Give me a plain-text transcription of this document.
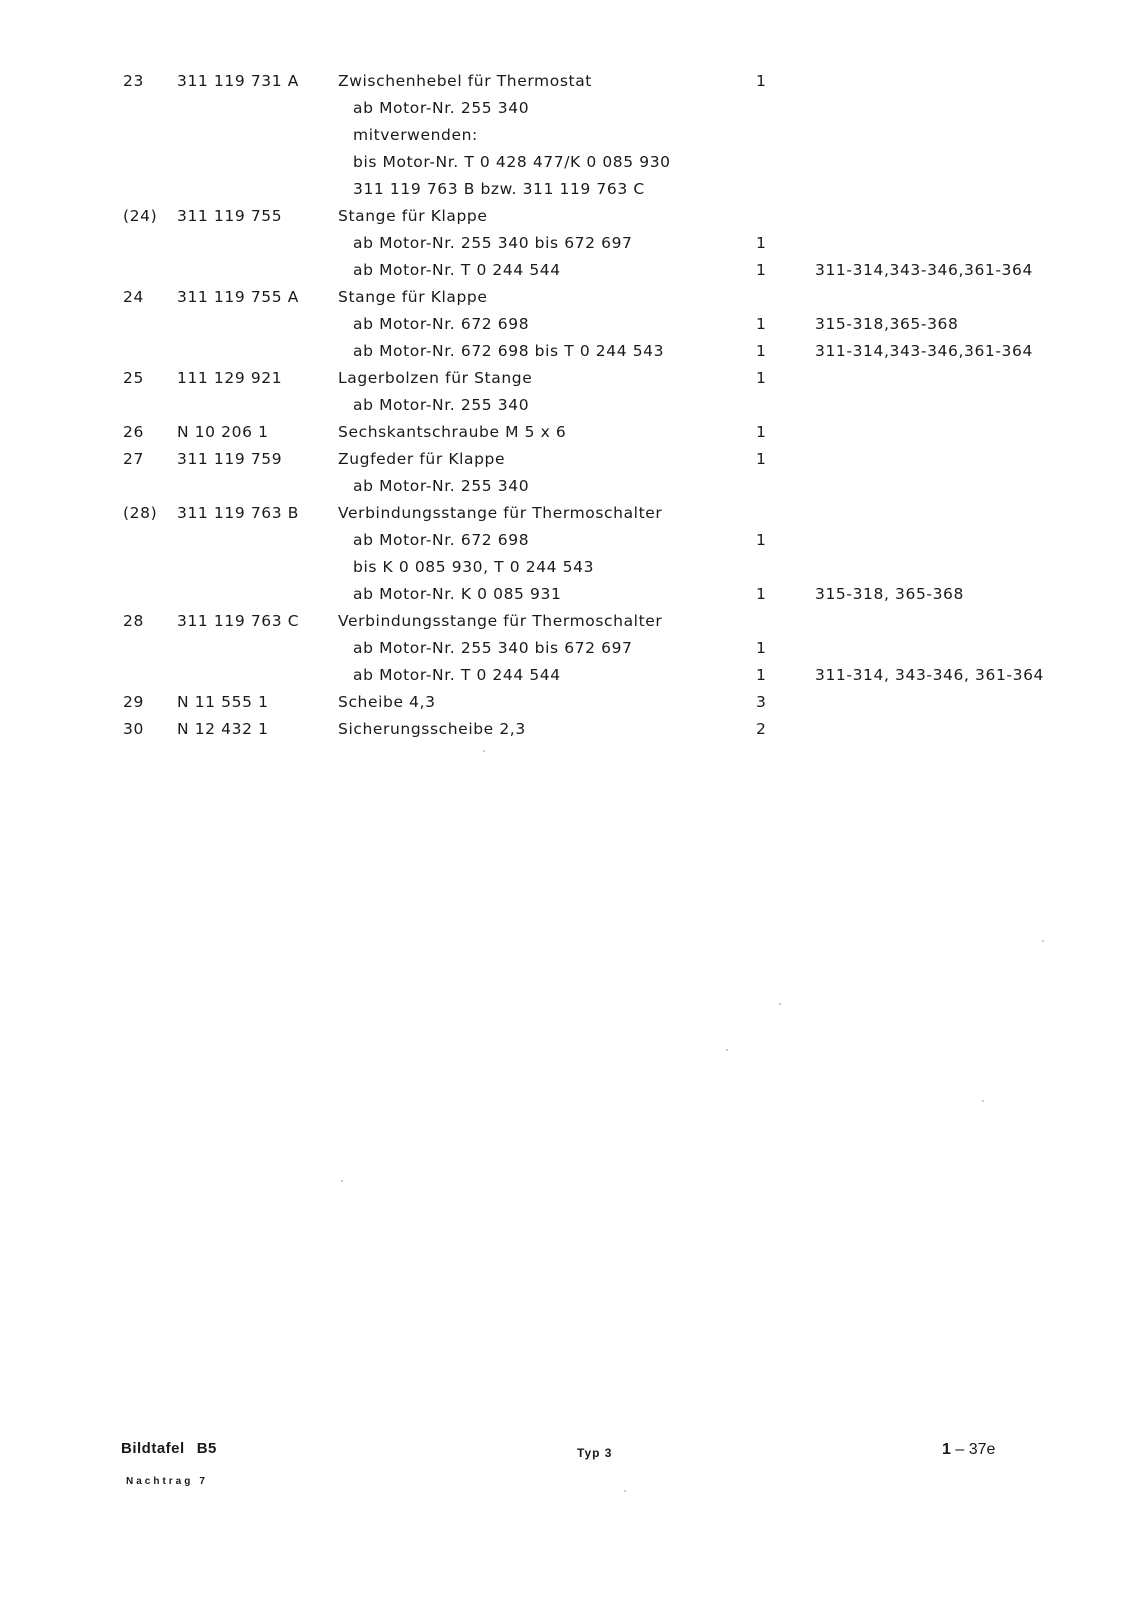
23 311 119 731 A	Zwischenhebel für Thermostat	1
ab Motor-Nr. 255 340
mitverwenden:
bis Motor-Nr. T 0 428 477/K 0 085 930
311 119 763 B bzw. 311 119 763 C
(24) 311 119 755	Stange für Klappe
ab Motor-Nr. 255 340 bis 672 697	1
ab Motor-Nr. T 0 244 544	1	311-314,343-346,361-364
24 311 119 755 A	Stange für Klappe
ab Motor-Nr. 672 698	1	315-318,365-368
ab Motor-Nr. 672 698 bis T 0 244 543	1	311-314,343-346,361-364
25 111 129 921	Lagerbolzen für Stange	1
ab Motor-Nr. 255 340
26 N 10 206 1	Sechskantschraube M 5 x 6	1
27 311 119 759	Zugfeder für Klappe	1
ab Motor-Nr. 255 340
(28) 311 119 763 B	Verbindungsstange für Thermoschalter
ab Motor-Nr. 672 698	1
bis K 0 085 930, T 0 244 543
ab Motor-Nr. K 0 085 931	1	315-318, 365-368
28 311 119 763 C	Verbindungsstange für Thermoschalter
ab Motor-Nr. 255 340 bis 672 697	1
ab Motor-Nr. T 0 244 544	1	311-314, 343-346, 361-364
29 N 11 555 1	Scheibe 4,3	3
30 N 12 432 1	Sicherungsscheibe 2,3	2
Bildtafel B5
Nachtrag 7
Typ 3	1 – 37e
